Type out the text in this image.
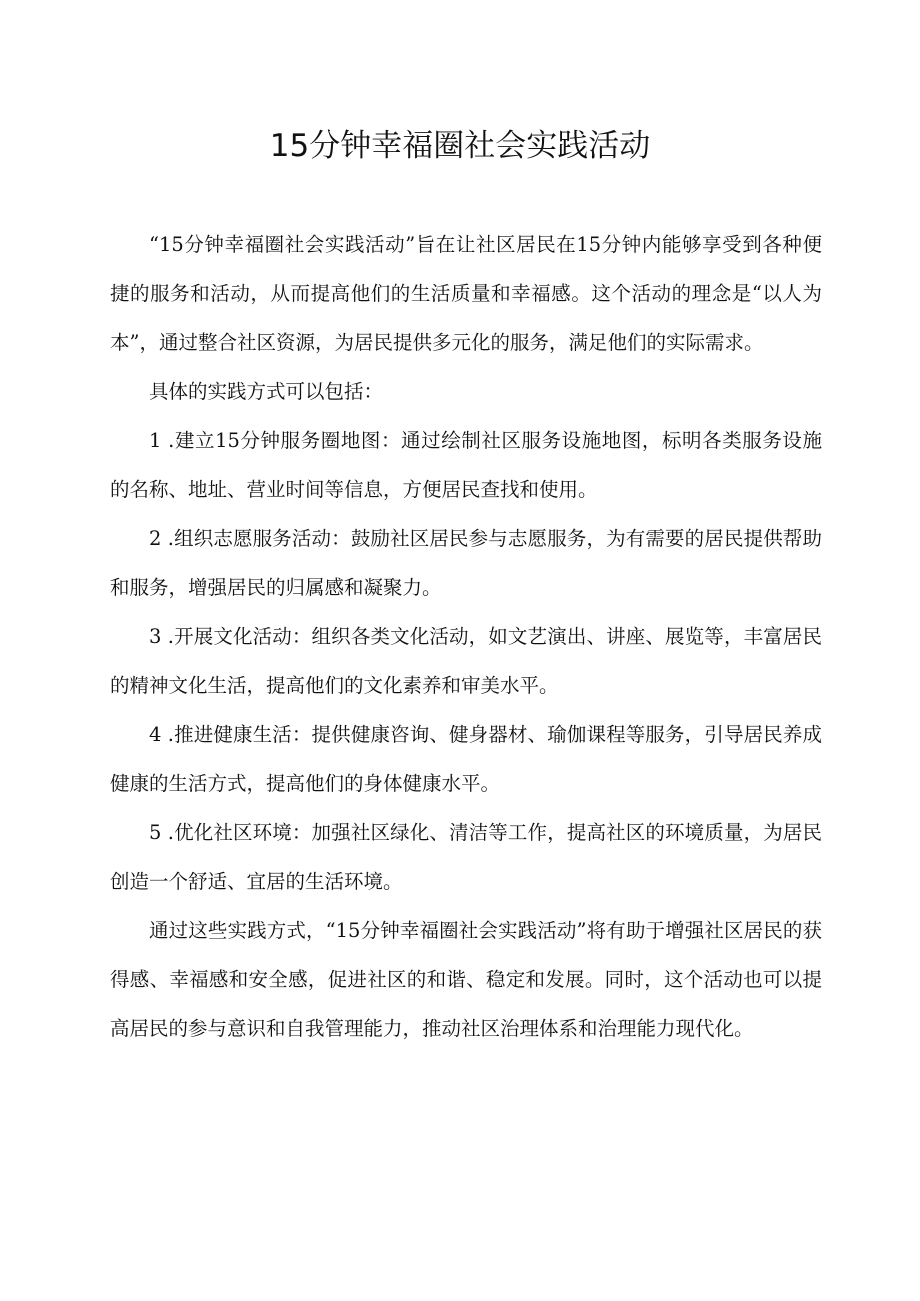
15分钟幸福圈社会实践活动

“15分钟幸福圈社会实践活动”旨在让社区居民在15分钟内能够享受到各种便捷的服务和活动，从而提高他们的生活质量和幸福感。这个活动的理念是“以人为本”，通过整合社区资源，为居民提供多元化的服务，满足他们的实际需求。

具体的实践方式可以包括：

1 .建立15分钟服务圈地图：通过绘制社区服务设施地图，标明各类服务设施的名称、地址、营业时间等信息，方便居民查找和使用。

2 .组织志愿服务活动：鼓励社区居民参与志愿服务，为有需要的居民提供帮助和服务，增强居民的归属感和凝聚力。

3 .开展文化活动：组织各类文化活动，如文艺演出、讲座、展览等，丰富居民的精神文化生活，提高他们的文化素养和审美水平。

4 .推进健康生活：提供健康咨询、健身器材、瑜伽课程等服务，引导居民养成健康的生活方式，提高他们的身体健康水平。

5 .优化社区环境：加强社区绿化、清洁等工作，提高社区的环境质量，为居民创造一个舒适、宜居的生活环境。

通过这些实践方式，“15分钟幸福圈社会实践活动”将有助于增强社区居民的获得感、幸福感和安全感，促进社区的和谐、稳定和发展。同时，这个活动也可以提高居民的参与意识和自我管理能力，推动社区治理体系和治理能力现代化。
